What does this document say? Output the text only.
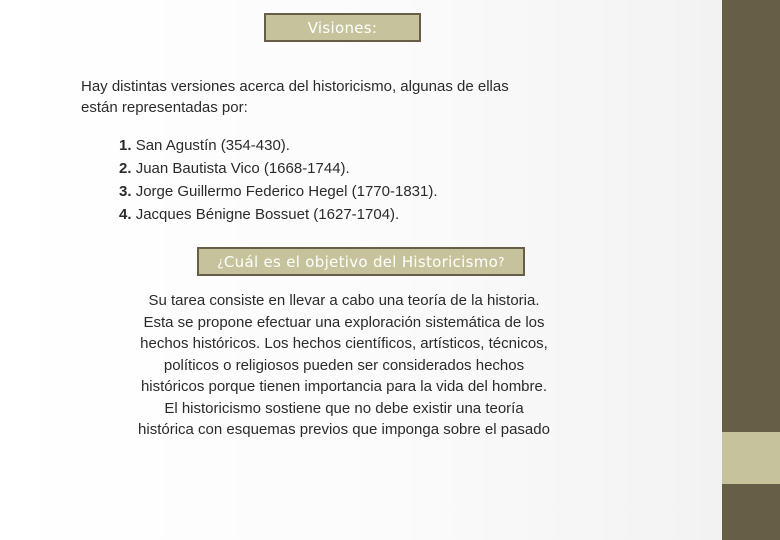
Visiones:
Hay distintas versiones acerca del historicismo, algunas de ellas están representadas por:
1. San Agustín (354-430).
2. Juan Bautista Vico (1668-1744).
3. Jorge Guillermo Federico Hegel (1770-1831).
4. Jacques Bénigne Bossuet (1627-1704).
¿ Cuál es el objetivo del Historicismo ?
Su tarea consiste en llevar a cabo una teoría de la historia. Esta se propone efectuar una exploración sistemática de los hechos históricos. Los hechos científicos, artísticos, técnicos, políticos o religiosos pueden ser considerados hechos históricos porque tienen importancia para la vida del hombre. El historicismo sostiene que no debe existir una teoría histórica con esquemas previos que imponga sobre el pasado
